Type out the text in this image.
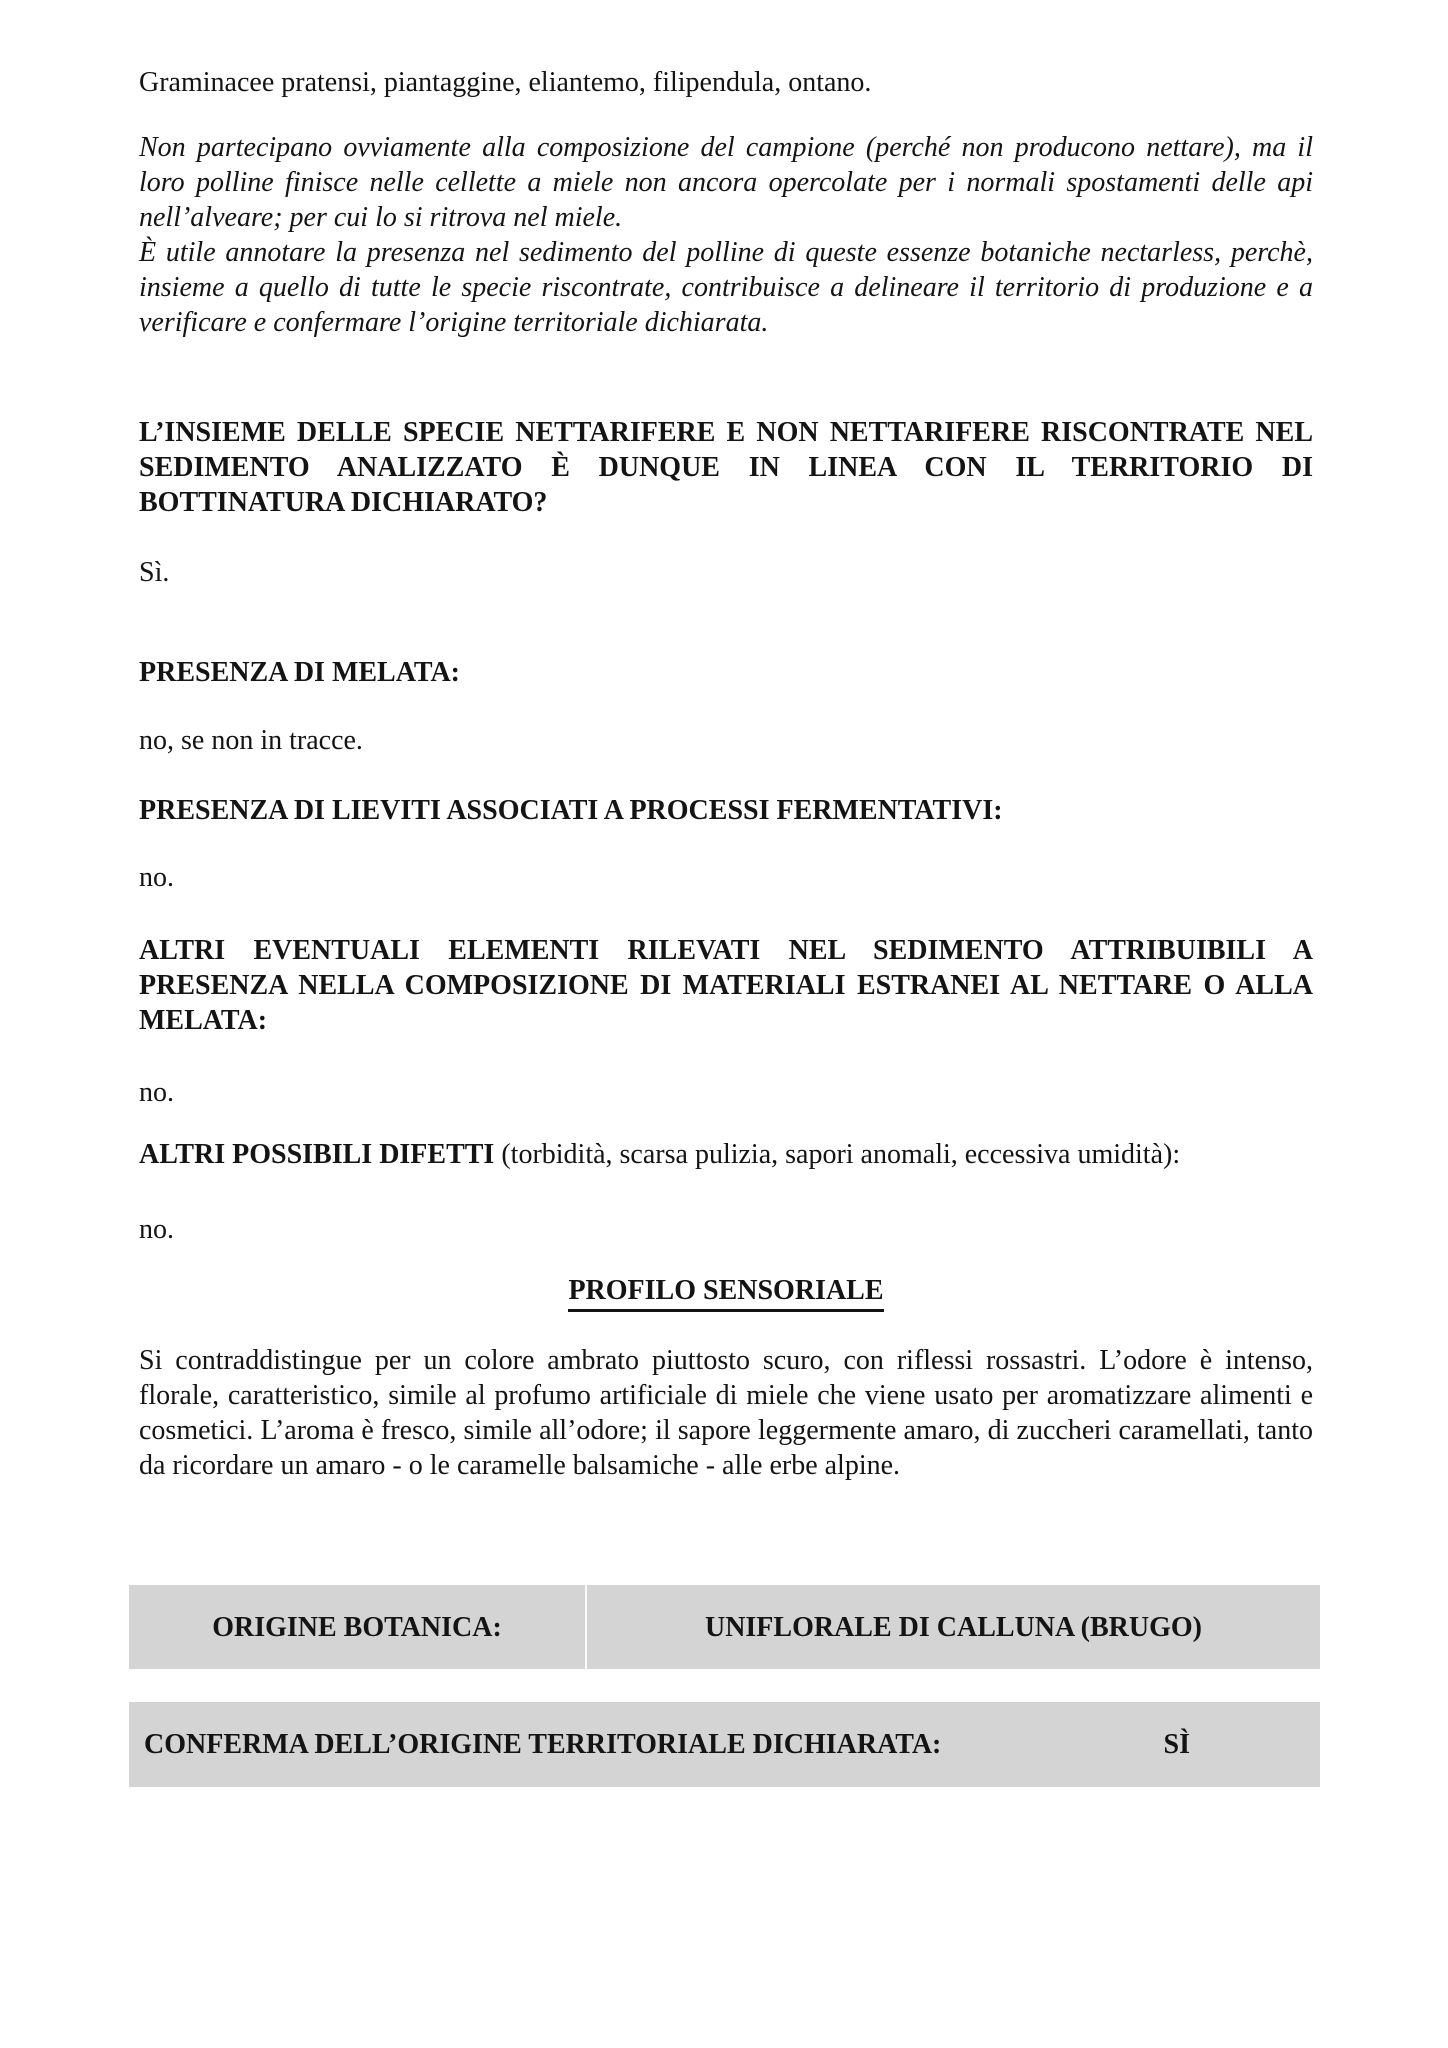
Graminacee pratensi, piantaggine, eliantemo, filipendula, ontano.

Non partecipano ovviamente alla composizione del campione (perché non producono nettare), ma il loro polline finisce nelle cellette a miele non ancora opercolate per i normali spostamenti delle api nell’alveare; per cui lo si ritrova nel miele.

È utile annotare la presenza nel sedimento del polline di queste essenze botaniche nectarless, perchè, insieme a quello di tutte le specie riscontrate, contribuisce a delineare il territorio di produzione e a verificare e confermare l’origine territoriale dichiarata.

L’INSIEME DELLE SPECIE NETTARIFERE E NON NETTARIFERE RISCONTRATE NEL SEDIMENTO ANALIZZATO È DUNQUE IN LINEA CON IL TERRITORIO DI BOTTINATURA DICHIARATO?

Sì.

PRESENZA DI MELATA:

no, se non in tracce.

PRESENZA DI LIEVITI ASSOCIATI A PROCESSI FERMENTATIVI:

no.

ALTRI EVENTUALI ELEMENTI RILEVATI NEL SEDIMENTO ATTRIBUIBILI A PRESENZA NELLA COMPOSIZIONE DI MATERIALI ESTRANEI AL NETTARE O ALLA MELATA:

no.

ALTRI POSSIBILI DIFETTI (torbidità, scarsa pulizia, sapori anomali, eccessiva umidità):

no.

PROFILO SENSORIALE

Si contraddistingue per un colore ambrato piuttosto scuro, con riflessi rossastri. L’odore è intenso, florale, caratteristico, simile al profumo artificiale di miele che viene usato per aromatizzare alimenti e cosmetici. L’aroma è fresco, simile all’odore; il sapore leggermente amaro, di zuccheri caramellati, tanto da ricordare un amaro - o le caramelle balsamiche - alle erbe alpine.

ORIGINE BOTANICA:	UNIFLORALE DI CALLUNA (BRUGO)
CONFERMA DELL’ORIGINE TERRITORIALE DICHIARATA:	SÌ
